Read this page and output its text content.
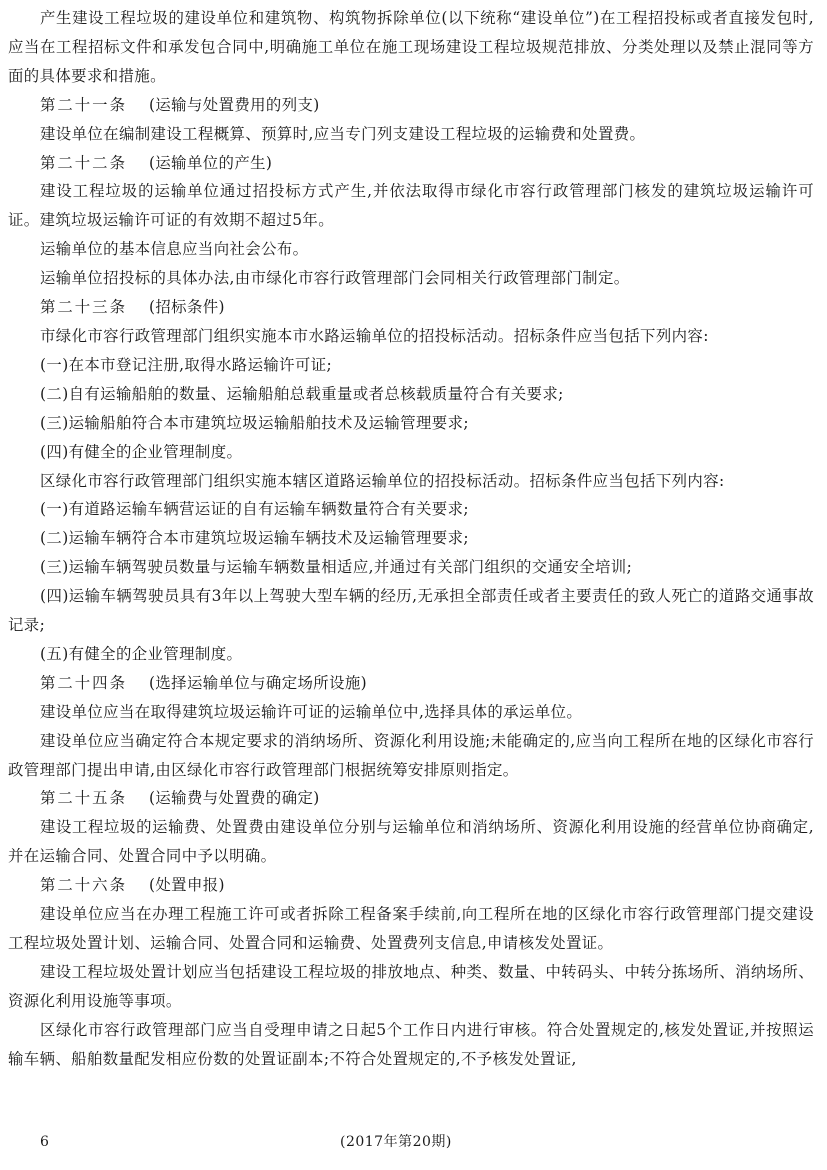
产生建设工程垃圾的建设单位和建筑物、构筑物拆除单位(以下统称“建设单位”)在工程招投标或者直接发包时,应当在工程招标文件和承发包合同中,明确施工单位在施工现场建设工程垃圾规范排放、分类处理以及禁止混同等方面的具体要求和措施。

第二十一条 (运输与处置费用的列支)

建设单位在编制建设工程概算、预算时,应当专门列支建设工程垃圾的运输费和处置费。

第二十二条 (运输单位的产生)

建设工程垃圾的运输单位通过招投标方式产生,并依法取得市绿化市容行政管理部门核发的建筑垃圾运输许可证。建筑垃圾运输许可证的有效期不超过5年。

运输单位的基本信息应当向社会公布。

运输单位招投标的具体办法,由市绿化市容行政管理部门会同相关行政管理部门制定。

第二十三条 (招标条件)

市绿化市容行政管理部门组织实施本市水路运输单位的招投标活动。招标条件应当包括下列内容:

(一)在本市登记注册,取得水路运输许可证;

(二)自有运输船舶的数量、运输船舶总载重量或者总核载质量符合有关要求;

(三)运输船舶符合本市建筑垃圾运输船舶技术及运输管理要求;

(四)有健全的企业管理制度。

区绿化市容行政管理部门组织实施本辖区道路运输单位的招投标活动。招标条件应当包括下列内容:

(一)有道路运输车辆营运证的自有运输车辆数量符合有关要求;

(二)运输车辆符合本市建筑垃圾运输车辆技术及运输管理要求;

(三)运输车辆驾驶员数量与运输车辆数量相适应,并通过有关部门组织的交通安全培训;

(四)运输车辆驾驶员具有3年以上驾驶大型车辆的经历,无承担全部责任或者主要责任的致人死亡的道路交通事故记录;

(五)有健全的企业管理制度。

第二十四条 (选择运输单位与确定场所设施)

建设单位应当在取得建筑垃圾运输许可证的运输单位中,选择具体的承运单位。

建设单位应当确定符合本规定要求的消纳场所、资源化利用设施;未能确定的,应当向工程所在地的区绿化市容行政管理部门提出申请,由区绿化市容行政管理部门根据统筹安排原则指定。

第二十五条 (运输费与处置费的确定)

建设工程垃圾的运输费、处置费由建设单位分别与运输单位和消纳场所、资源化利用设施的经营单位协商确定,并在运输合同、处置合同中予以明确。

第二十六条 (处置申报)

建设单位应当在办理工程施工许可或者拆除工程备案手续前,向工程所在地的区绿化市容行政管理部门提交建设工程垃圾处置计划、运输合同、处置合同和运输费、处置费列支信息,申请核发处置证。

建设工程垃圾处置计划应当包括建设工程垃圾的排放地点、种类、数量、中转码头、中转分拣场所、消纳场所、资源化利用设施等事项。

区绿化市容行政管理部门应当自受理申请之日起5个工作日内进行审核。符合处置规定的,核发处置证,并按照运输车辆、船舶数量配发相应份数的处置证副本;不符合处置规定的,不予核发处置证,

6	(2017年第20期)
